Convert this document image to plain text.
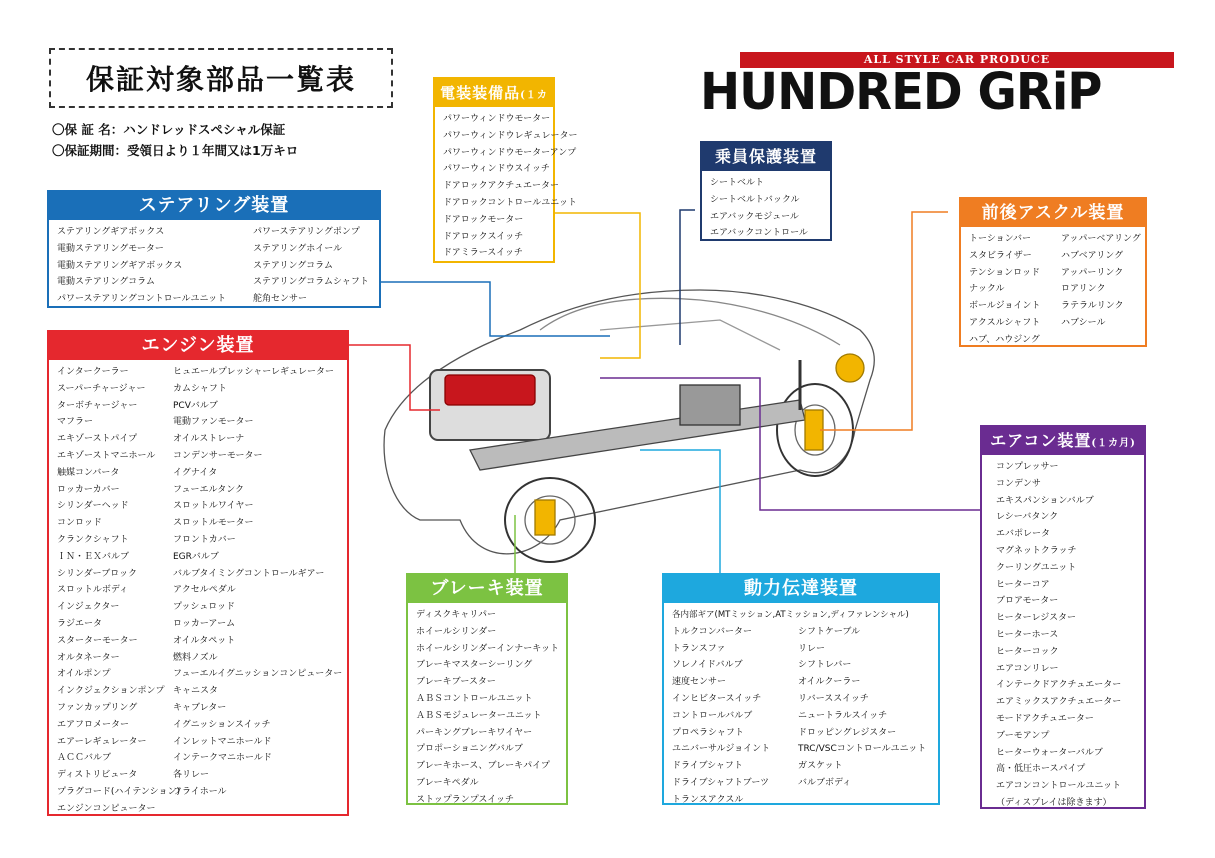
保証対象部品一覧表
〇保 証 名：ハンドレッドスペシャル保証
〇保証期間：受領日より１年間又は1万キロ
ALL STYLE CAR PRODUCE
HUNDRED GRiP
ステアリング装置
ステアリングギアボックス
電動ステアリングモーター
電動ステアリングギアボックス
電動ステアリングコラム
パワーステアリングコントロールユニット
パワーステアリングポンプ
ステアリングホイール
ステアリングコラム
ステアリングコラムシャフト
舵角センサー
エンジン装置
インタークーラー
スーパーチャージャー
ターボチャージャー
マフラー
エキゾーストパイプ
エキゾーストマニホール
触媒コンバータ
ロッカーカバー
シリンダーヘッド
コンロッド
クランクシャフト
ＩＮ・ＥＸバルブ
シリンダーブロック
スロットルボディ
インジェクター
ラジエータ
スターターモーター
オルタネーター
オイルポンプ
インクジェクションポンプ
ファンカップリング
エアフロメーター
エアーレギュレーター
ＡＣＣバルブ
ディストリビュータ
プラグコード(ハイテンション)
エンジンコンピューター
ヒュエールプレッシャーレギュレーター
カムシャフト
PCVバルブ
電動ファンモーター
オイルストレーナ
コンデンサーモーター
イグナイタ
フューエルタンク
スロットルワイヤー
スロットルモーター
フロントカバー
EGRバルブ
バルブタイミングコントロールギアー
アクセルペダル
プッシュロッド
ロッカーアーム
オイルタペット
燃料ノズル
フューエルイグニッションコンピューター
キャニスタ
キャブレター
イグニッションスイッチ
インレットマニホールド
インテークマニホールド
各リレー
フライホール
電装装備品(１カ月)
パワーウィンドウモーター
パワーウィンドウレギュレーター
パワーウィンドウモーターアンプ
パワーウィンドウスイッチ
ドアロックアクチュエーター
ドアロックコントロールユニット
ドアロックモーター
ドアロックスイッチ
ドアミラースイッチ
乗員保護装置
シートベルト
シートベルトバックル
エアバックモジュール
エアバックコントロール
前後アスクル装置
トーションバー
スタビライザー
テンションロッド
ナックル
ボールジョイント
アクスルシャフト
ハブ、ハウジング
アッパーベアリング
ハブベアリング
アッパーリンク
ロアリンク
ラテラルリンク
ハブシール
エアコン装置(１カ月)
コンプレッサー
コンデンサ
エキスパンションバルブ
レシーバタンク
エバポレータ
マグネットクラッチ
クーリングユニット
ヒーターコア
ブロアモーター
ヒーターレジスター
ヒーターホース
ヒーターコック
エアコンリレー
インテークドアクチュエーター
エアミックスアクチュエーター
モードアクチュエーター
ブーモアンプ
ヒーターウォーターバルブ
高・低圧ホースパイプ
エアコンコントロールユニット
（ディスプレイは除きます）
ブレーキ装置
ディスクキャリパー
ホイールシリンダー
ホイールシリンダーインナーキット
ブレーキマスターシーリング
ブレーキブースター
ＡＢＳコントロールユニット
ＡＢＳモジュレーターユニット
パーキングブレーキワイヤー
プロポーショニングバルブ
ブレーキホース、ブレーキパイプ
ブレーキペダル
ストップランプスイッチ
動力伝達装置
各内部ギア(MTミッション,ATミッション,ディファレンシャル)
トルクコンバーター
トランスファ
ソレノイドバルブ
速度センサー
インヒビタースイッチ
コントロールバルブ
プロペラシャフト
ユニバーサルジョイント
ドライブシャフト
ドライブシャフトブーツ
トランスアクスル
シフトケーブル
リレー
シフトレバー
オイルクーラー
リバーススイッチ
ニュートラルスイッチ
ドロッピングレジスター
TRC/VSCコントロールユニット
ガスケット
バルブボディ
